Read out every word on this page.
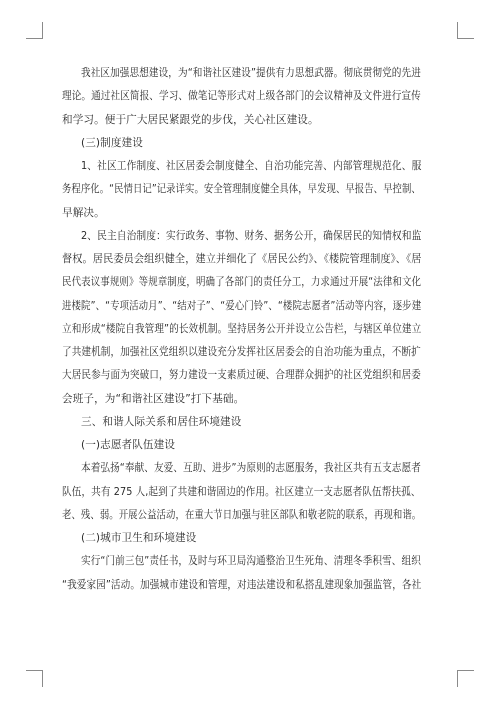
我社区加强思想建设，为“和谐社区建设”提供有力思想武器。彻底贯彻党的先进
理论。通过社区简报、学习、做笔记等形式对上级各部门的会议精神及文件进行宣传
和学习。便于广大居民紧跟党的步伐，关心社区建设。
(三)制度建设
1、社区工作制度、社区居委会制度健全、自治功能完善、内部管理规范化、服
务程序化。“民情日记”记录详实。安全管理制度健全具体，早发现、早报告、早控制、
早解决。
2、民主自治制度：实行政务、事物、财务、据务公开，确保居民的知情权和监
督权。居民委员会组织健全，建立并细化了《居民公约》、《楼院管理制度》、《居
民代表议事规则》等规章制度，明确了各部门的责任分工，力求通过开展“法律和文化
进楼院”、“专项活动月”、“结对子”、“爱心门铃”、“楼院志愿者”活动等内容，逐步建
立和形成“楼院自我管理”的长效机制。坚持居务公开并设立公告栏，与辖区单位建立
了共建机制，加强社区党组织以建设充分发挥社区居委会的自治功能为重点，不断扩
大居民参与面为突破口，努力建设一支素质过硬、合理群众拥护的社区党组织和居委
会班子，为“和谐社区建设”打下基础。
三、和谐人际关系和居住环境建设
(一)志愿者队伍建设
本着弘扬“奉献、友爱、互助、进步”为原则的志愿服务，我社区共有五支志愿者
队伍，共有 275 人,起到了共建和谐固边的作用。社区建立一支志愿者队伍帮扶孤、
老、残、弱。开展公益活动，在重大节日加强与驻区部队和敬老院的联系，再现和谐。
(二)城市卫生和环境建设
实行“门前三包”责任书，及时与环卫局沟通整治卫生死角、清理冬季积雪、组织
“我爱家园”活动。加强城市建设和管理，对违法建设和私搭乱建现象加强监管，各社
